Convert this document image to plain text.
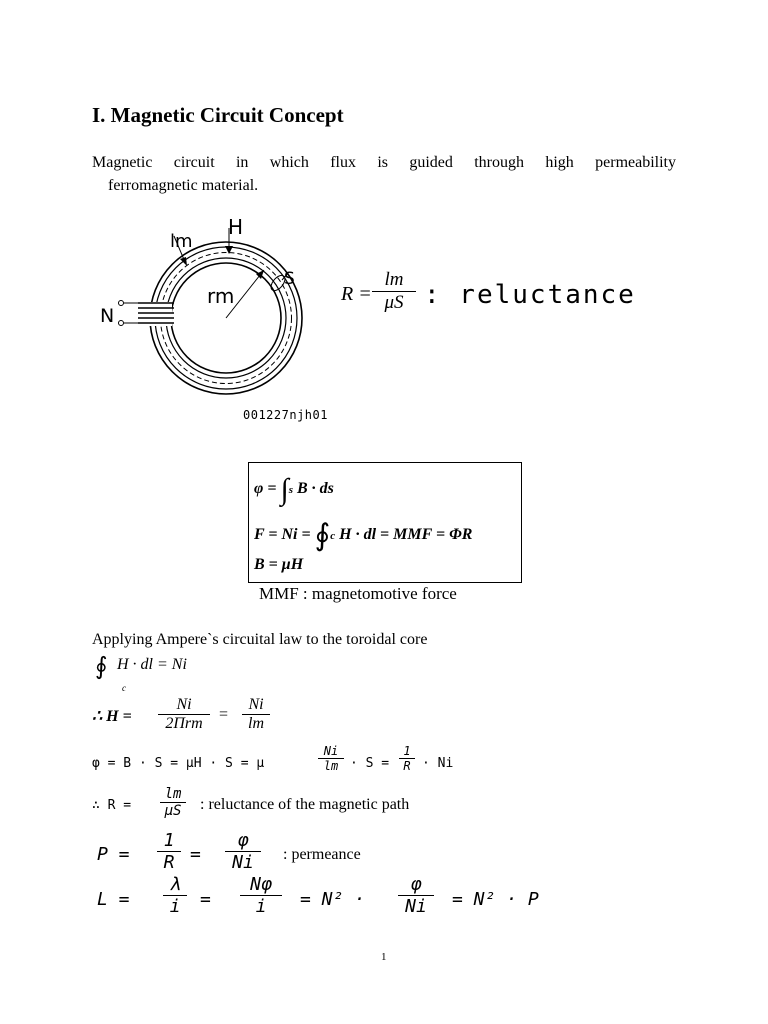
I. Magnetic Circuit Concept
Magnetic circuit in which flux is guided through high permeability
ferromagnetic material.
lm
H
S
N
rm
001227njh01
R =
lm
μS : reluctance
φ = ∫s B · ds
F = Ni = ∮c H · dl = MMF = ΦR
B = μH
MMF : magnetomotive force
Applying Ampere`s circuital law to the toroidal core
∮ H · dl = Ni
c
∴ H =
Ni
2Πrm
=
Ni
lm
φ = B · S = μH · S = μ
Ni
lm · S =
1
R · Ni
∴ R =
lm
μS : reluctance of the magnetic path
P =
1
R =
φ
Ni : permeance
L =
λ
i =
Nφ
i = N² ·
φ
Ni = N² · P
1
